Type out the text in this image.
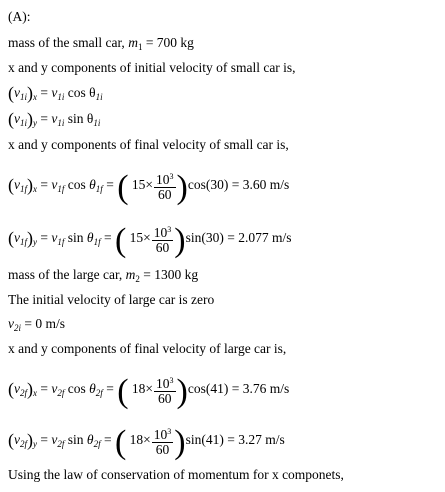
(A):
mass of the small car, $m_1 = 700$ kg
x and y components of initial velocity of small car is,
$(v_{1i})_x = v_{1i}$ $\cos \theta_{1i}$
$(v_{1i})_y = v_{1i}$ $\sin \theta_{1i}$
x and y components of final velocity of small car is,
$(v_{1f})_x = v_{1f}$ $\cos \theta_{1f}$ = ( $15\times \frac{10^3}{60} )\cos(30) = 3.60$ m/s
$(v_{1f})_y = v_{1f}$ $\sin \theta_{1f}$ = ( $15\times \frac{10^3}{60} )\sin(30) = 2.077$ m/s
mass of the large car, $m_2 = 1300$ kg
The initial velocity of large car is zero
$v_{2i} = 0$ m/s
x and y components of final velocity of large car is,
$(v_{2f})_x = v_{2f}$ $\cos \theta_{2f}$ = ( $18\times \frac{10^3}{60} )\cos(41) = 3.76$ m/s
$(v_{2f})_y = v_{2f}$ $\sin \theta_{2f}$ = ( $18\times \frac{10^3}{60} )\sin(41) = 3.27$ m/s
Using the law of conservation of momentum for x componets,
